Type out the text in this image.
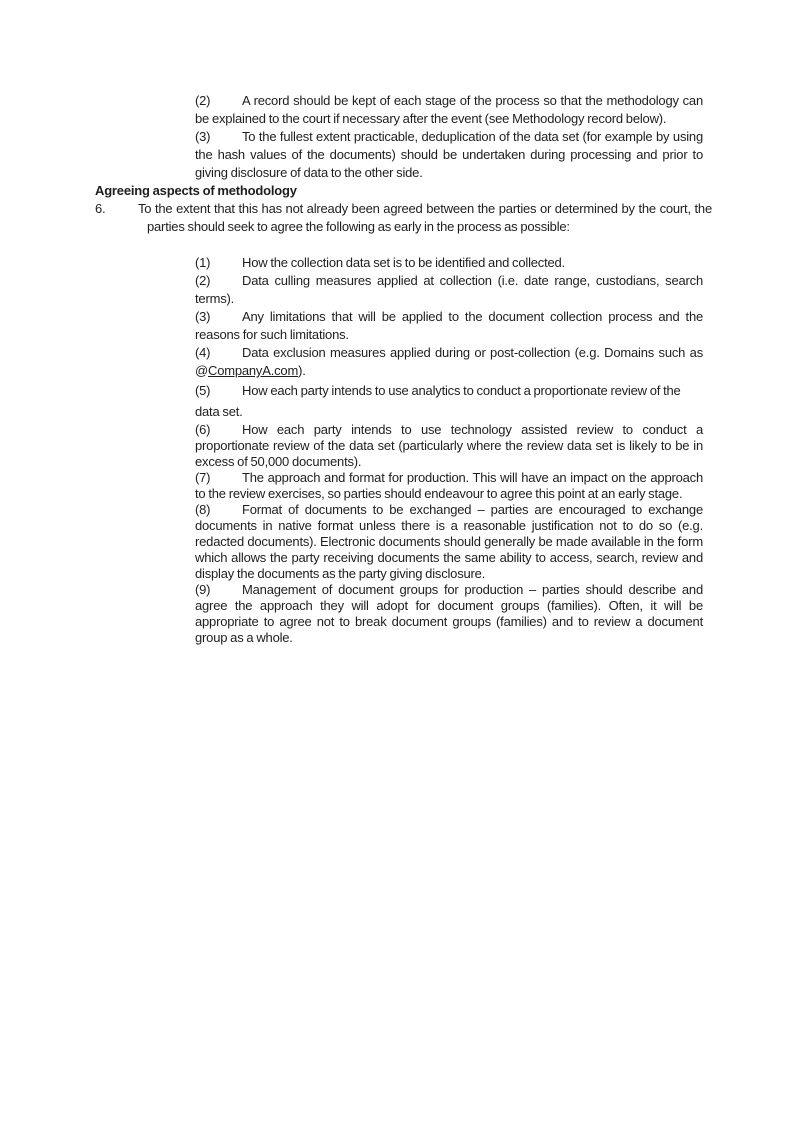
(2) A record should be kept of each stage of the process so that the methodology can be explained to the court if necessary after the event (see Methodology record below).

(3) To the fullest extent practicable, deduplication of the data set (for example by using the hash values of the documents) should be undertaken during processing and prior to giving disclosure of data to the other side.

Agreeing aspects of methodology
6.	To the extent that this has not already been agreed between the parties or determined by the court, the parties should seek to agree the following as early in the process as possible:

(1) How the collection data set is to be identified and collected.

(2) Data culling measures applied at collection (i.e. date range, custodians, search terms).

(3) Any limitations that will be applied to the document collection process and the reasons for such limitations.

(4) Data exclusion measures applied during or post-collection (e.g. Domains such as @CompanyA.com).

(5) How each party intends to use analytics to conduct a proportionate review of the data set.

(6) How each party intends to use technology assisted review to conduct a proportionate review of the data set (particularly where the review data set is likely to be in excess of 50,000 documents).

(7) The approach and format for production. This will have an impact on the approach to the review exercises, so parties should endeavour to agree this point at an early stage.

(8) Format of documents to be exchanged – parties are encouraged to exchange documents in native format unless there is a reasonable justification not to do so (e.g. redacted documents). Electronic documents should generally be made available in the form which allows the party receiving documents the same ability to access, search, review and display the documents as the party giving disclosure.

(9) Management of document groups for production – parties should describe and agree the approach they will adopt for document groups (families). Often, it will be appropriate to agree not to break document groups (families) and to review a document group as a whole.
